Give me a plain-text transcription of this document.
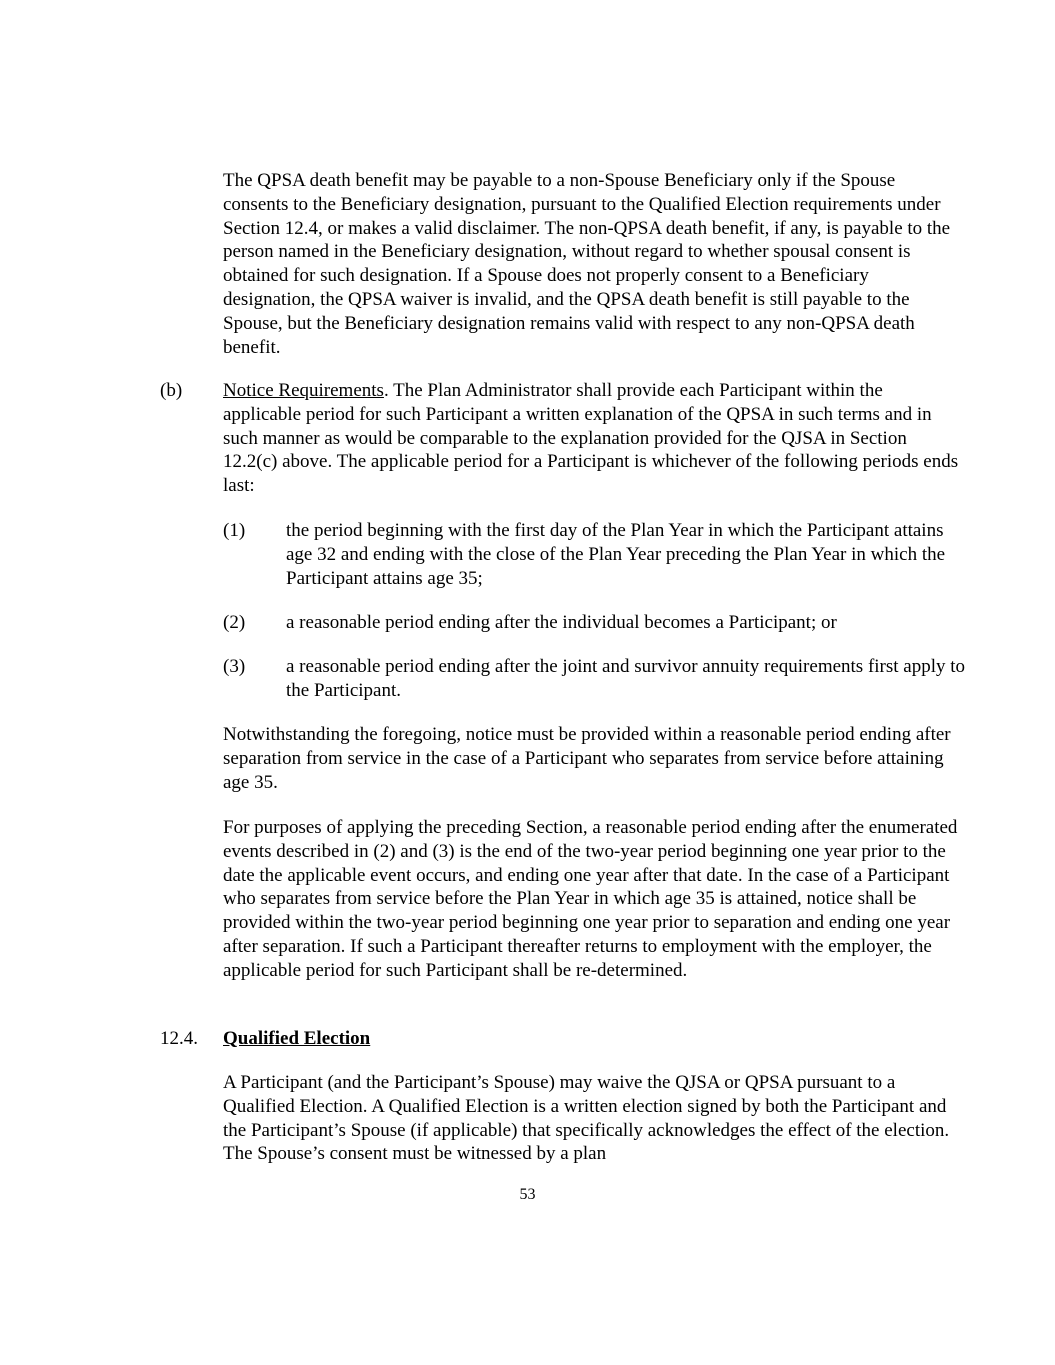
The QPSA death benefit may be payable to a non-Spouse Beneficiary only if the Spouse consents to the Beneficiary designation, pursuant to the Qualified Election requirements under Section 12.4, or makes a valid disclaimer. The non-QPSA death benefit, if any, is payable to the person named in the Beneficiary designation, without regard to whether spousal consent is obtained for such designation. If a Spouse does not properly consent to a Beneficiary designation, the QPSA waiver is invalid, and the QPSA death benefit is still payable to the Spouse, but the Beneficiary designation remains valid with respect to any non-QPSA death benefit.

(b) Notice Requirements. The Plan Administrator shall provide each Participant within the applicable period for such Participant a written explanation of the QPSA in such terms and in such manner as would be comparable to the explanation provided for the QJSA in Section 12.2(c) above. The applicable period for a Participant is whichever of the following periods ends last:

(1) the period beginning with the first day of the Plan Year in which the Participant attains age 32 and ending with the close of the Plan Year preceding the Plan Year in which the Participant attains age 35;

(2) a reasonable period ending after the individual becomes a Participant; or

(3) a reasonable period ending after the joint and survivor annuity requirements first apply to the Participant.

Notwithstanding the foregoing, notice must be provided within a reasonable period ending after separation from service in the case of a Participant who separates from service before attaining age 35.

For purposes of applying the preceding Section, a reasonable period ending after the enumerated events described in (2) and (3) is the end of the two-year period beginning one year prior to the date the applicable event occurs, and ending one year after that date. In the case of a Participant who separates from service before the Plan Year in which age 35 is attained, notice shall be provided within the two-year period beginning one year prior to separation and ending one year after separation. If such a Participant thereafter returns to employment with the employer, the applicable period for such Participant shall be re-determined.

12.4. Qualified Election

A Participant (and the Participant’s Spouse) may waive the QJSA or QPSA pursuant to a Qualified Election. A Qualified Election is a written election signed by both the Participant and the Participant’s Spouse (if applicable) that specifically acknowledges the effect of the election. The Spouse’s consent must be witnessed by a plan

53
